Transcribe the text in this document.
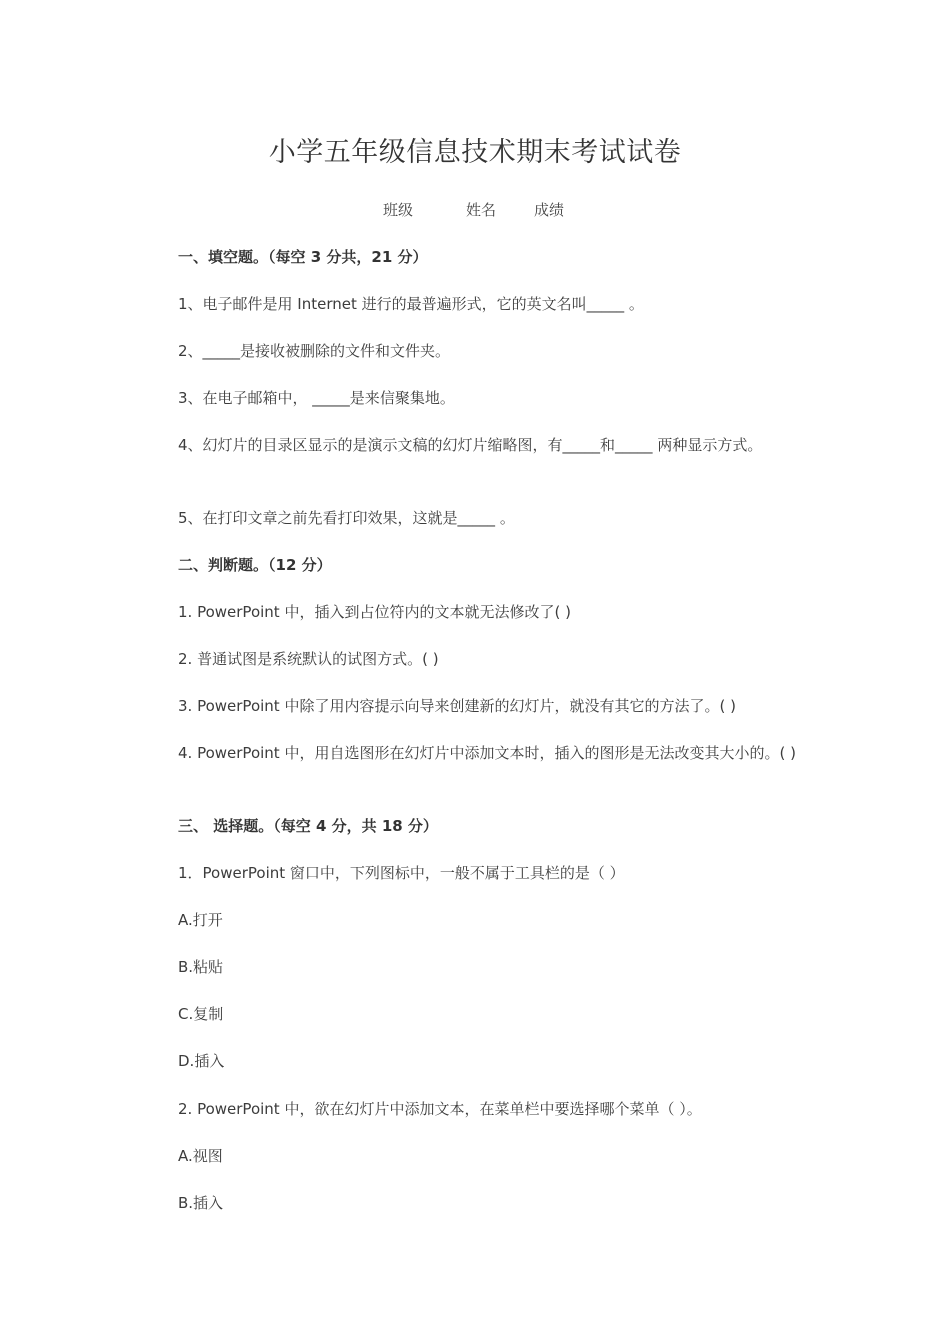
小学五年级信息技术期末考试试卷
班级	姓名	成绩
一、填空题。（每空 3 分共，21 分）
1、电子邮件是用 Internet 进行的最普遍形式，它的英文名叫_____ 。
2、_____是接收被删除的文件和文件夹。
3、在电子邮箱中， _____是来信聚集地。
4、幻灯片的目录区显示的是演示文稿的幻灯片缩略图，有_____和_____ 两种显示方式。
5、在打印文章之前先看打印效果，这就是_____ 。
二、判断题。（12 分）
1. PowerPoint 中，插入到占位符内的文本就无法修改了( )
2. 普通试图是系统默认的试图方式。( )
3. PowerPoint 中除了用内容提示向导来创建新的幻灯片，就没有其它的方法了。( )
4. PowerPoint 中，用自选图形在幻灯片中添加文本时，插入的图形是无法改变其大小的。( )
三、 选择题。（每空 4 分，共 18 分）
1．PowerPoint 窗口中，下列图标中，一般不属于工具栏的是（ ）
A.打开
B.粘贴
C.复制
D.插入
2. PowerPoint 中，欲在幻灯片中添加文本，在菜单栏中要选择哪个菜单（ ）。
A.视图
B.插入
